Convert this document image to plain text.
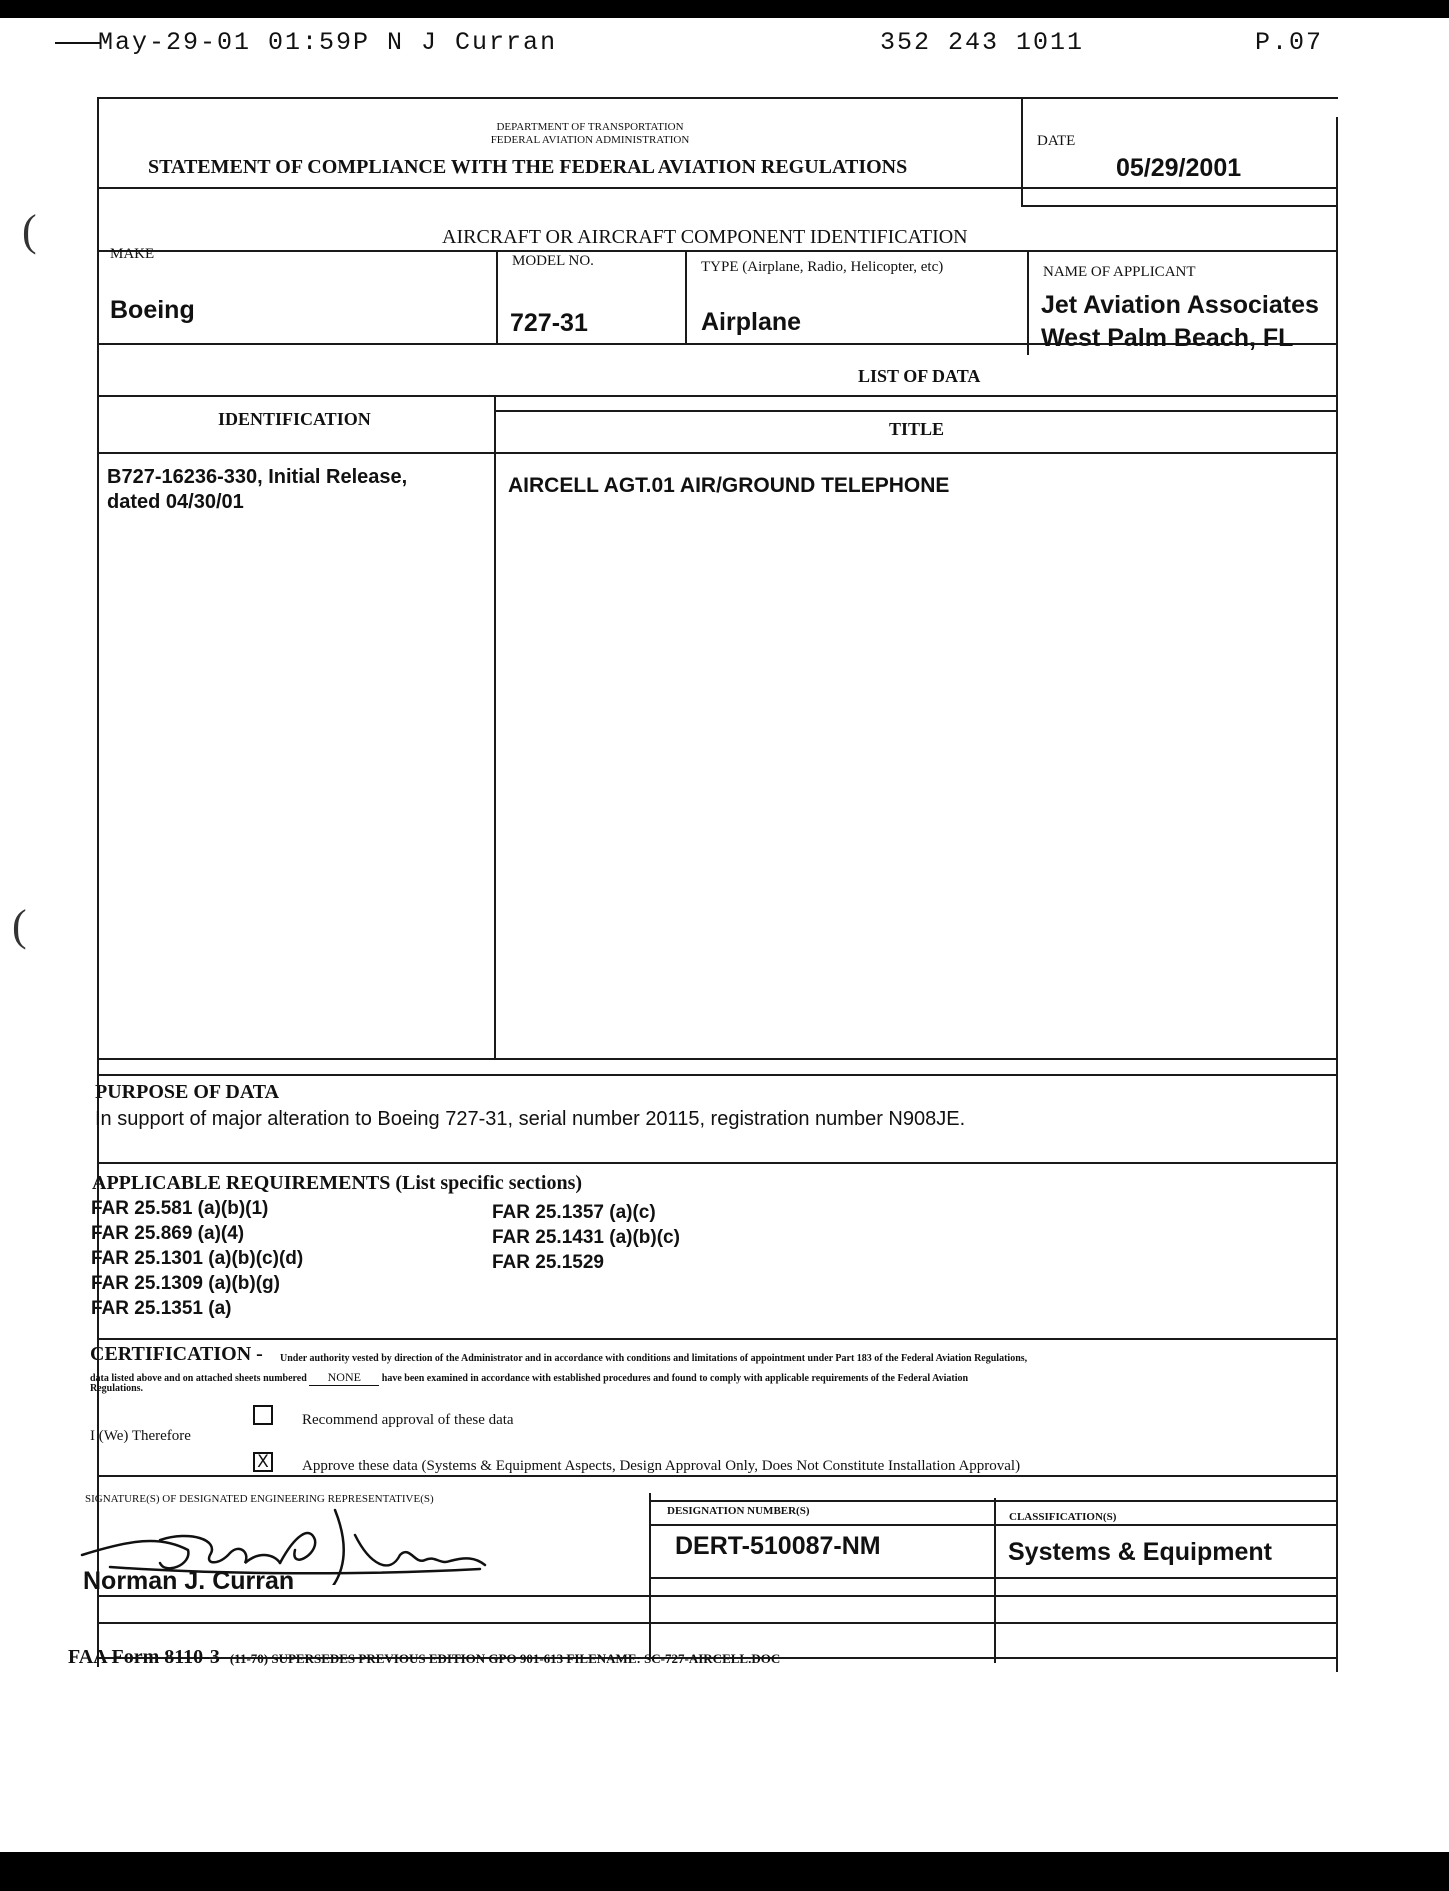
May-29-01 01:59P N J Curran	352 243 1011	P.07
(
(
DEPARTMENT OF TRANSPORTATION
FEDERAL AVIATION ADMINISTRATION
STATEMENT OF COMPLIANCE WITH THE FEDERAL AVIATION REGULATIONS
DATE
05/29/2001
AIRCRAFT OR AIRCRAFT COMPONENT IDENTIFICATION
MAKE
Boeing
MODEL NO.
727-31
TYPE (Airplane, Radio, Helicopter, etc)
Airplane
NAME OF APPLICANT
Jet Aviation Associates
West Palm Beach, FL
LIST OF DATA
IDENTIFICATION	TITLE
B727-16236-330, Initial Release,
dated 04/30/01
AIRCELL AGT.01 AIR/GROUND TELEPHONE
PURPOSE OF DATA
In support of major alteration to Boeing 727-31, serial number 20115, registration number N908JE.
APPLICABLE REQUIREMENTS (List specific sections)
FAR 25.581 (a)(b)(1)
FAR 25.869 (a)(4)
FAR 25.1301 (a)(b)(c)(d)
FAR 25.1309 (a)(b)(g)
FAR 25.1351 (a)
FAR 25.1357 (a)(c)
FAR 25.1431 (a)(b)(c)
FAR 25.1529
CERTIFICATION - Under authority vested by direction of the Administrator and in accordance with conditions and limitations of appointment under Part 183 of the Federal Aviation Regulations,
data listed above and on attached sheets numbered NONE have been examined in accordance with established procedures and found to comply with applicable requirements of the Federal Aviation
Regulations.
I (We) Therefore
Recommend approval of these data
X Approve these data (Systems & Equipment Aspects, Design Approval Only, Does Not Constitute Installation Approval)
SIGNATURE(S) OF DESIGNATED ENGINEERING REPRESENTATIVE(S)
DESIGNATION NUMBER(S)	CLASSIFICATION(S)
Norman J. Curran
DERT-510087-NM	Systems & Equipment
FAA Form 8110-3 (11-70) SUPERSEDES PREVIOUS EDITION GPO 901-613 FILENAME: SC-727-AIRCELL.DOC
